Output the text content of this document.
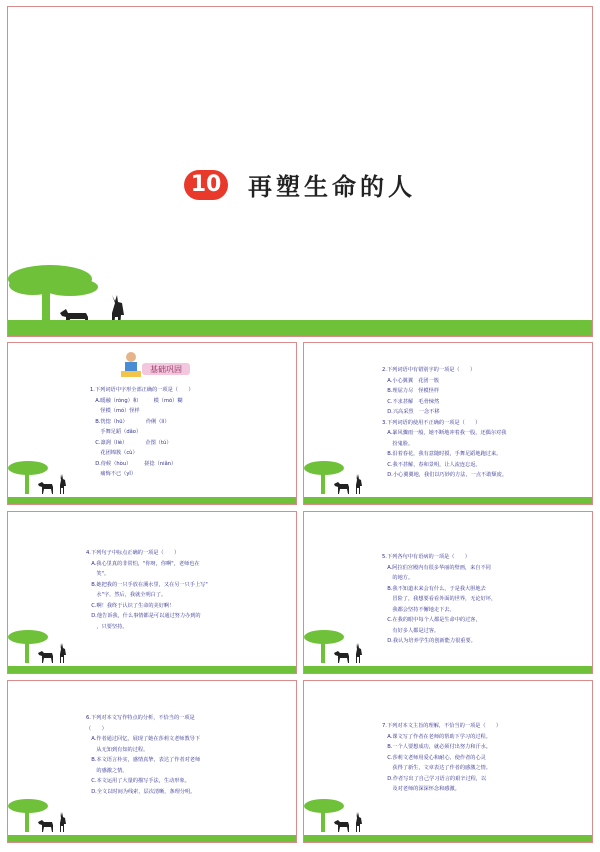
10 再塑生命的人
基础巩固
1.下列词语中字形全部正确的一项是（　　）
　A.暖融（róng）和　　　模（mó）糊
　　怪模（mó）怪样
　B.恍惚（hū）　　　　伶俐（lì）
　　手舞足蹈（dǎo）
　C.凛冽（liè）　　　　企图（tú）
　　花团锦簇（cù）
　D.侍候（hòu）　　　搓捻（niǎn）
　　痛悔不已（yǐ）
2.下列词语中有错别字的一项是（　　）
　A.小心翼翼　花团一簇
　B.理屈力尽　怪模怪样
　C.不求甚解　毛骨悚然
　D.兴高采烈　一念不移
3.下列词语的使用不正确的一项是（　　）
　A.暴风骤雨一般，她不断地冲着我一股，还偶尔对我
　　扮鬼脸。
　B.沿着春花，我有意随时摸，手舞足蹈地跑过来。
　C.我不甚解，春和景明，让人流连忘返。
　D.小心翼翼地，我们以巧妙的方法，一点不敢颓废。
4.下列句子中标点正确的一项是（　　）
　A.我心里真的非常怕，"你呀，你啊"，老师也在
　　笑"。
　B.她把我的一只手放在溪水里，又在另一只手上写"
　　水"字，然后，我就全明白了。
　C.啊！我终于认识了生命的美好啊！
　D.他告诉我，什么事情都是可以通过努力办到的
　　，只要坚持。
5.下列各句中有语病的一项是（　　）
　A.阿拉伯宫殿内有很多华丽的壁画，来自不同
　　的地方。
　B.我不知道未来会有什么，于是我大胆地去
　　冒险了，我想要看看外面的世界，无论好坏，
　　我都会坚持不懈地走下去。
　C.在我的眼中每个人都是生命中的过客，
　　有好多人都是过客。
　D.我认为培养学生的创新能力很重要。
6.下列对本文写作特点的分析，不恰当的一项是
（　　）
　A.作者通过回忆，展现了她在莎莉文老师教导下
　　从无知到有知的过程。
　B.本文语言朴实，感情真挚，表达了作者对老师
　　的感激之情。
　C.本文运用了大量的描写手法，生动形象。
　D.全文以时间为线索，层次清晰，条理分明。
7.下列对本文主旨的理解，不恰当的一项是（　　）
　A.课文写了作者在老师的帮助下学习的过程。
　B.一个人要想成功，就必须付出努力和汗水。
　C.莎莉文老师用爱心和耐心，使作者的心灵
　　获得了新生，文章表达了作者的感激之情。
　D.作者写出了自己学习语言的艰辛过程，以
　　及对老师的深深怀念和感激。
